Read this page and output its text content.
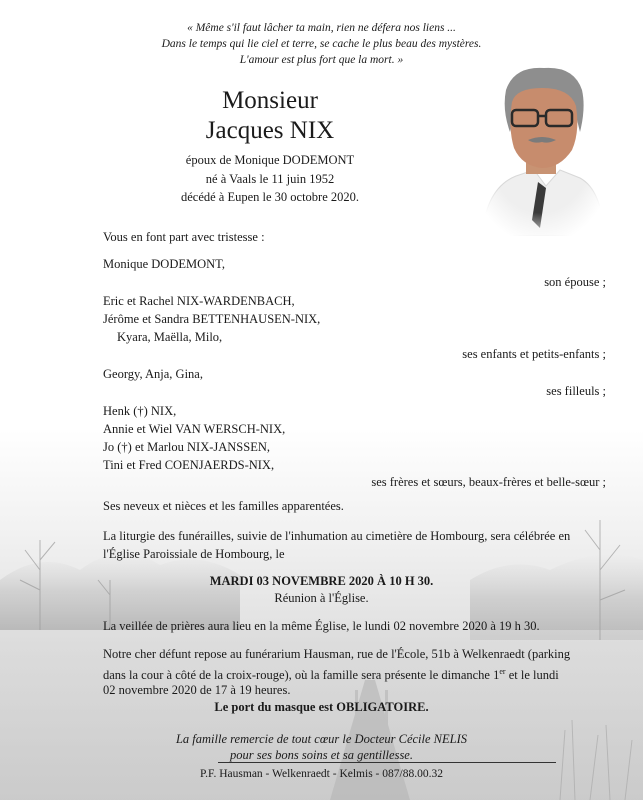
« Même s'il faut lâcher ta main, rien ne défera nos liens ...
Dans le temps qui lie ciel et terre, se cache le plus beau des mystères.
L'amour est plus fort que la mort. »
Monsieur
Jacques NIX
époux de Monique DODEMONT
né à Vaals le 11 juin 1952
décédé à Eupen le 30 octobre 2020.
Vous en font part avec tristesse :
Monique DODEMONT,
son épouse ;
Eric et Rachel NIX-WARDENBACH,
Jérôme et Sandra BETTENHAUSEN-NIX,
Kyara, Maëlla, Milo,
ses enfants et petits-enfants ;
Georgy, Anja, Gina,
ses filleuls ;
Henk (†) NIX,
Annie et Wiel VAN WERSCH-NIX,
Jo (†) et Marlou NIX-JANSSEN,
Tini et Fred COENJAERDS-NIX,
ses frères et sœurs, beaux-frères et belle-sœur ;
Ses neveux et nièces et les familles apparentées.
La liturgie des funérailles, suivie de l'inhumation au cimetière de Hombourg, sera célébrée en
l'Église Paroissiale de Hombourg, le
MARDI 03 NOVEMBRE 2020 À 10 H 30.
Réunion à l'Église.
La veillée de prières aura lieu en la même Église, le lundi 02 novembre 2020 à 19 h 30.
Notre cher défunt repose au funérarium Hausman, rue de l'École, 51b à Welkenraedt (parking
dans la cour à côté de la croix-rouge), où la famille sera présente le dimanche 1er et le lundi
02 novembre 2020 de 17 à 19 heures.
Le port du masque est OBLIGATOIRE.
La famille remercie de tout cœur le Docteur Cécile NELIS
pour ses bons soins et sa gentillesse.
P.F. Hausman - Welkenraedt - Kelmis - 087/88.00.32
